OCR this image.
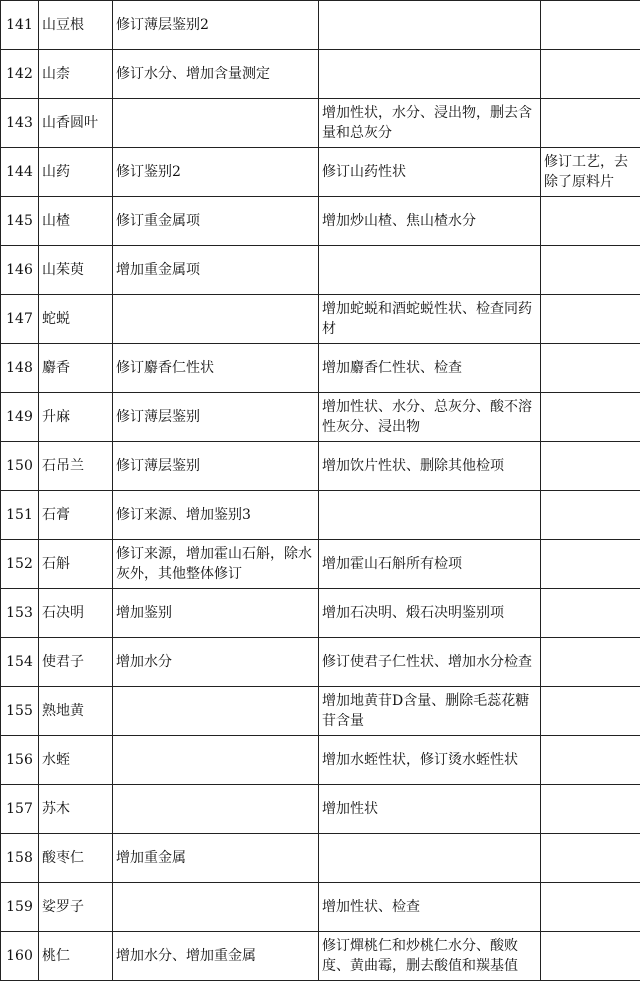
141	山豆根	修订薄层鉴别2		
142	山柰	修订水分、增加含量测定		
143	山香圆叶		增加性状，水分、浸出物，删去含量和总灰分	
144	山药	修订鉴别2	修订山药性状	修订工艺，去除了原料片
145	山楂	修订重金属项	增加炒山楂、焦山楂水分	
146	山茱萸	增加重金属项		
147	蛇蜕		增加蛇蜕和酒蛇蜕性状、检查同药材	
148	麝香	修订麝香仁性状	增加麝香仁性状、检查	
149	升麻	修订薄层鉴别	增加性状、水分、总灰分、酸不溶性灰分、浸出物	
150	石吊兰	修订薄层鉴别	增加饮片性状、删除其他检项	
151	石膏	修订来源、增加鉴别3		
152	石斛	修订来源，增加霍山石斛，除水灰外，其他整体修订	增加霍山石斛所有检项	
153	石决明	增加鉴别	增加石决明、煅石决明鉴别项	
154	使君子	增加水分	修订使君子仁性状、增加水分检查	
155	熟地黄		增加地黄苷D含量、删除毛蕊花糖苷含量	
156	水蛭		增加水蛭性状，修订烫水蛭性状	
157	苏木		增加性状	
158	酸枣仁	增加重金属		
159	娑罗子		增加性状、检查	
160	桃仁	增加水分、增加重金属	修订燀桃仁和炒桃仁水分、酸败度、黄曲霉，删去酸值和羰基值	
